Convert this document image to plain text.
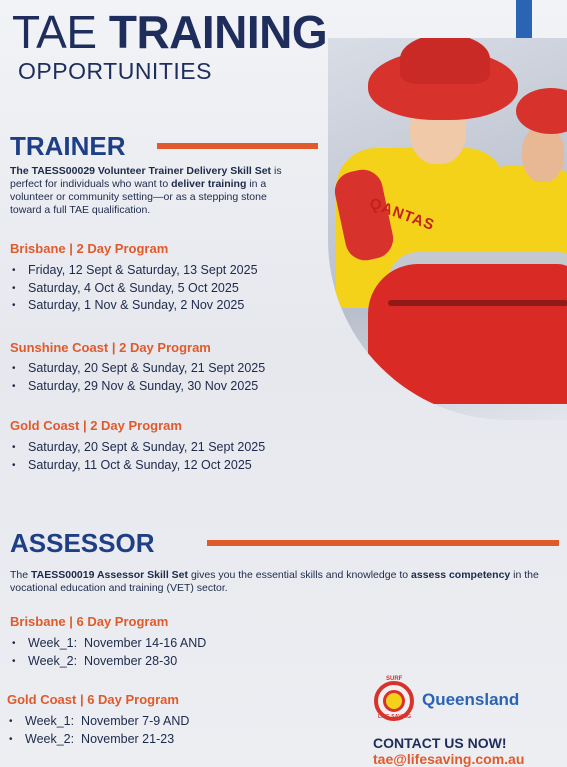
TAE TRAINING
OPPORTUNITIES
QANTAS
TRAINER
The TAESS00029 Volunteer Trainer Delivery Skill Set is perfect for individuals who want to deliver training in a volunteer or community setting—or as a stepping stone toward a full TAE qualification.
Brisbane | 2 Day Program
• Friday, 12 Sept & Saturday, 13 Sept 2025
• Saturday, 4 Oct & Sunday, 5 Oct 2025
• Saturday, 1 Nov & Sunday, 2 Nov 2025
Sunshine Coast | 2 Day Program
• Saturday, 20 Sept & Sunday, 21 Sept 2025
• Saturday, 29 Nov & Sunday, 30 Nov 2025
Gold Coast | 2 Day Program
• Saturday, 20 Sept & Sunday, 21 Sept 2025
• Saturday, 11 Oct & Sunday, 12 Oct 2025
ASSESSOR
The TAESS00019 Assessor Skill Set gives you the essential skills and knowledge to assess competency in the vocational education and training (VET) sector.
Brisbane | 6 Day Program
• Week_1:  November 14-16 AND
• Week_2:  November 28-30
Gold Coast | 6 Day Program
• Week_1:  November 7-9 AND
• Week_2:  November 21-23
SURF
LIFE SAVING
Queensland
CONTACT US NOW!
tae@lifesaving.com.au
